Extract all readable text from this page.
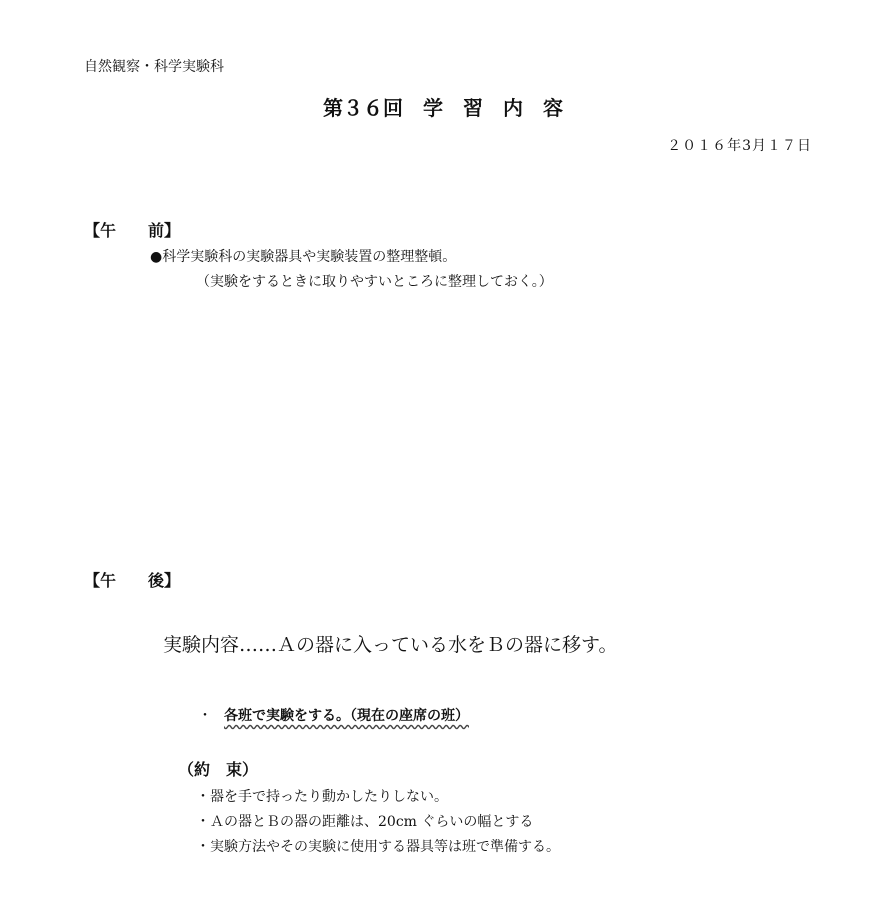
自然観察・科学実験科
第３６回　学　習　内　容
２０１６年3月１７日
【午　　前】
●科学実験科の実験器具や実験装置の整理整頓。
（実験をするときに取りやすいところに整理しておく。）
【午　　後】
実験内容……Ａの器に入っている水をＢの器に移す。
・ 各班で実験をする。（現在の座席の班）
（約　束）
・器を手で持ったり動かしたりしない。
・Ａの器とＢの器の距離は、20cm ぐらいの幅とする
・実験方法やその実験に使用する器具等は班で準備する。
